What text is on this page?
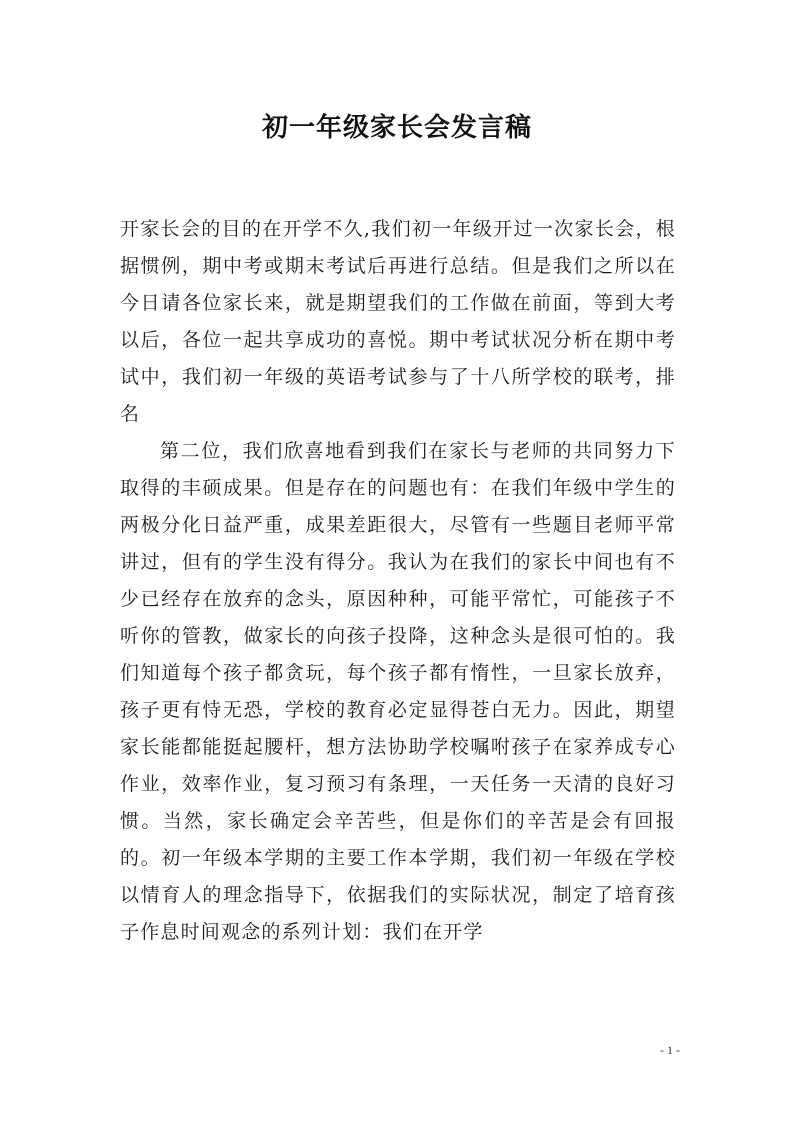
初一年级家长会发言稿

开家长会的目的在开学不久,我们初一年级开过一次家长会，根据惯例，期中考或期末考试后再进行总结。但是我们之所以在今日请各位家长来，就是期望我们的工作做在前面，等到大考以后，各位一起共享成功的喜悦。期中考试状况分析在期中考试中，我们初一年级的英语考试参与了十八所学校的联考，排名

第二位，我们欣喜地看到我们在家长与老师的共同努力下取得的丰硕成果。但是存在的问题也有：在我们年级中学生的两极分化日益严重，成果差距很大，尽管有一些题目老师平常讲过，但有的学生没有得分。我认为在我们的家长中间也有不少已经存在放弃的念头，原因种种，可能平常忙，可能孩子不听你的管教，做家长的向孩子投降，这种念头是很可怕的。我们知道每个孩子都贪玩，每个孩子都有惰性，一旦家长放弃，孩子更有恃无恐，学校的教育必定显得苍白无力。因此，期望家长能都能挺起腰杆，想方法协助学校嘱咐孩子在家养成专心作业，效率作业，复习预习有条理，一天任务一天清的良好习惯。当然，家长确定会辛苦些，但是你们的辛苦是会有回报的。初一年级本学期的主要工作本学期，我们初一年级在学校以情育人的理念指导下，依据我们的实际状况，制定了培育孩子作息时间观念的系列计划：我们在开学

- 1 -
